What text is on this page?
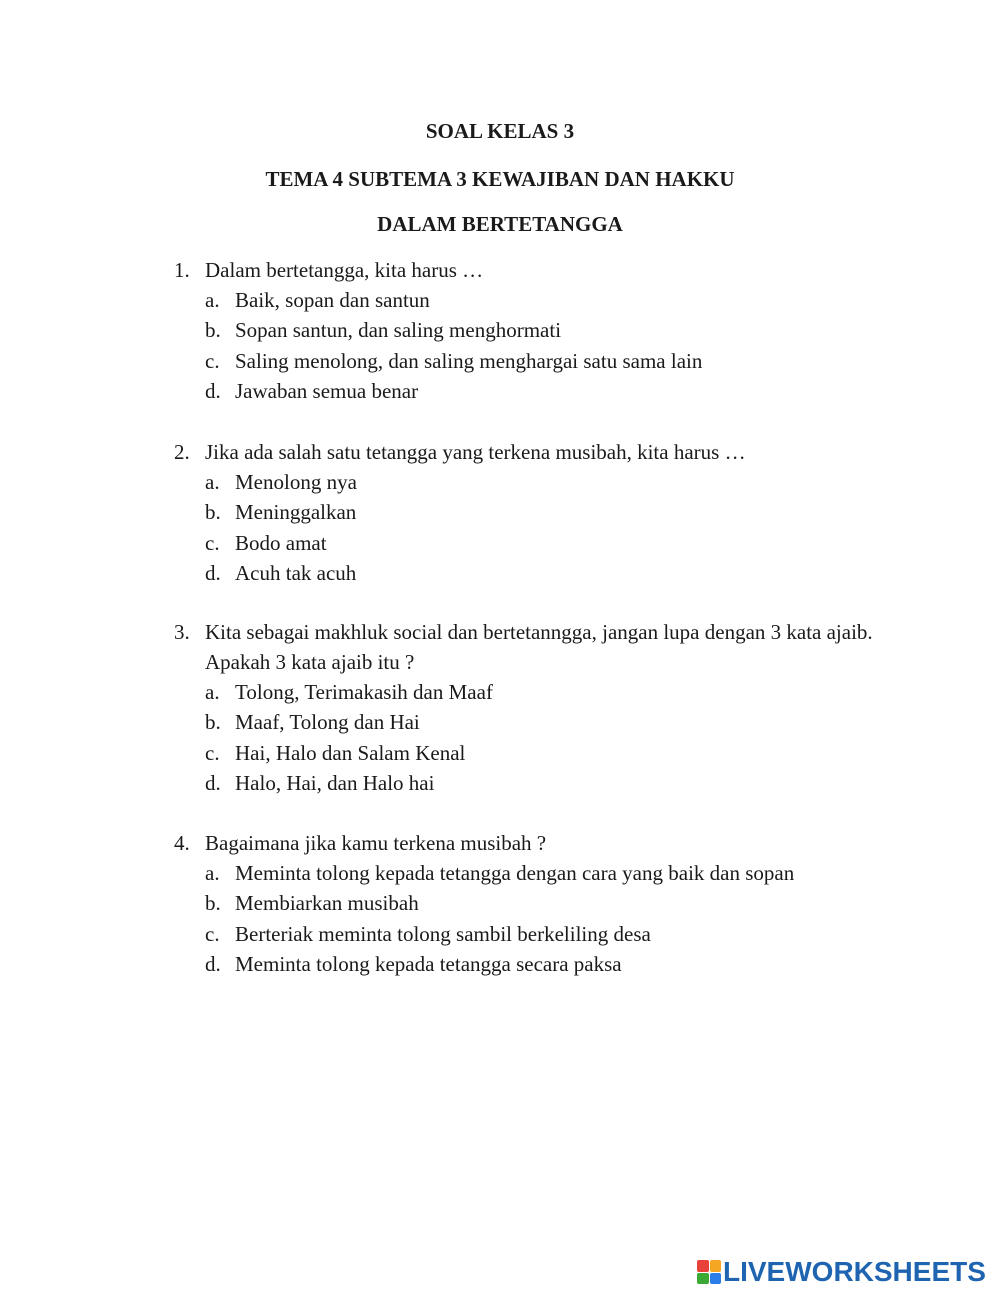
SOAL KELAS 3
TEMA 4 SUBTEMA 3 KEWAJIBAN DAN HAKKU
DALAM BERTETANGGA
1. Dalam bertetangga, kita harus …
a. Baik, sopan dan santun
b. Sopan santun, dan saling menghormati
c. Saling menolong, dan saling menghargai satu sama lain
d. Jawaban semua benar
2. Jika ada salah satu tetangga yang terkena musibah, kita harus …
a. Menolong nya
b. Meninggalkan
c. Bodo amat
d. Acuh tak acuh
3. Kita sebagai makhluk social dan bertetanngga, jangan lupa dengan 3 kata ajaib. Apakah 3 kata ajaib itu ?
a. Tolong, Terimakasih dan Maaf
b. Maaf, Tolong dan Hai
c. Hai, Halo dan Salam Kenal
d. Halo, Hai, dan Halo hai
4. Bagaimana jika kamu terkena musibah ?
a. Meminta tolong kepada tetangga dengan cara yang baik dan sopan
b. Membiarkan musibah
c. Berteriak meminta tolong sambil berkeliling desa
d. Meminta tolong kepada tetangga secara paksa
LIVEWORKSHEETS
